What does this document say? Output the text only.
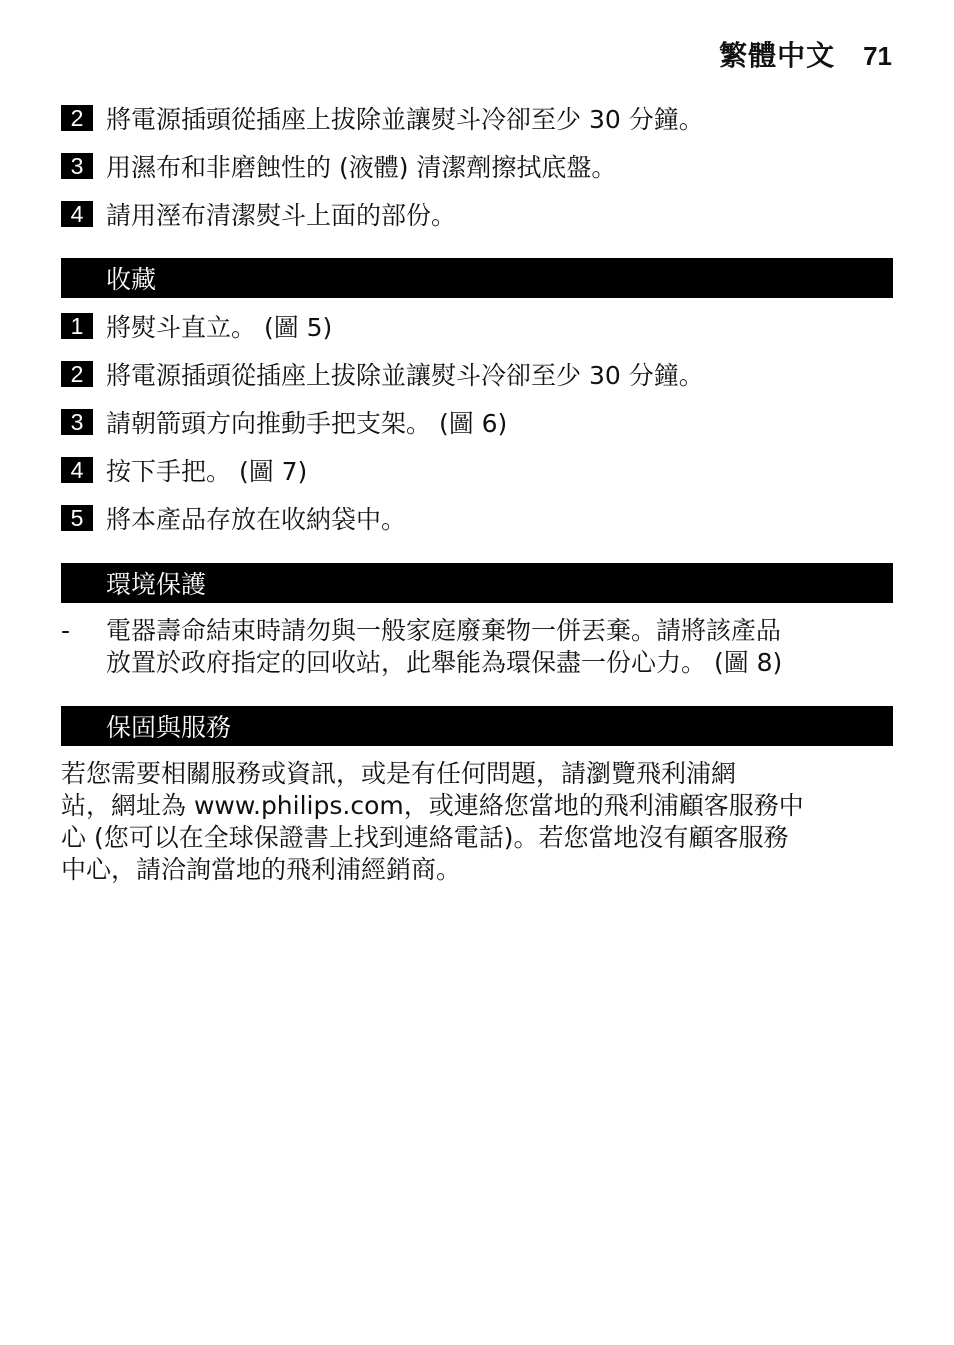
繁體中文 71
2 將電源插頭從插座上拔除並讓熨斗冷卻至少 30 分鐘。
3 用濕布和非磨蝕性的 (液體) 清潔劑擦拭底盤。
4 請用溼布清潔熨斗上面的部份。
收藏
1 將熨斗直立。 (圖 5)
2 將電源插頭從插座上拔除並讓熨斗冷卻至少 30 分鐘。
3 請朝箭頭方向推動手把支架。 (圖 6)
4 按下手把。 (圖 7)
5 將本產品存放在收納袋中。
環境保護
-	電器壽命結束時請勿與一般家庭廢棄物一併丟棄。請將該產品
放置於政府指定的回收站，此舉能為環保盡一份心力。 (圖 8)
保固與服務
若您需要相關服務或資訊，或是有任何問題，請瀏覽飛利浦網
站，網址為 www.philips.com，或連絡您當地的飛利浦顧客服務中
心 (您可以在全球保證書上找到連絡電話)。若您當地沒有顧客服務
中心，請洽詢當地的飛利浦經銷商。
